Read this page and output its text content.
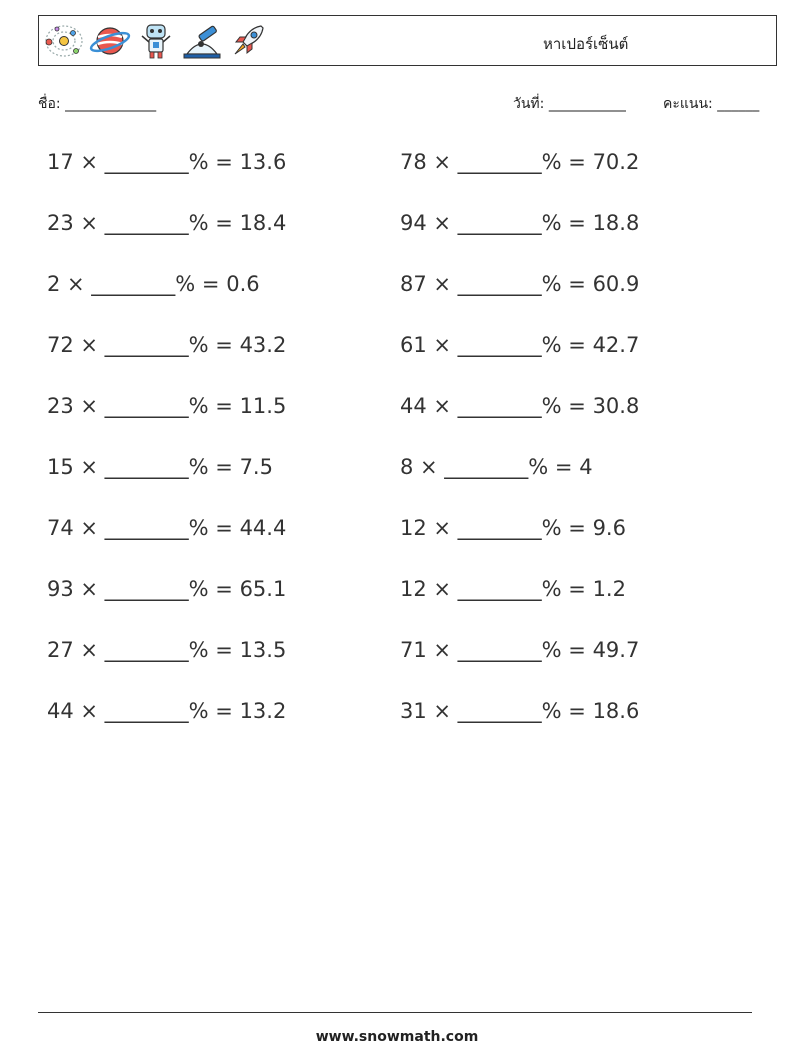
หาเปอร์เซ็นต์
ชื่อ: _____________	วันที่: ___________	คะแนน: ______
17 × ________% = 13.6
23 × ________% = 18.4
2 × ________% = 0.6
72 × ________% = 43.2
23 × ________% = 11.5
15 × ________% = 7.5
74 × ________% = 44.4
93 × ________% = 65.1
27 × ________% = 13.5
44 × ________% = 13.2
78 × ________% = 70.2
94 × ________% = 18.8
87 × ________% = 60.9
61 × ________% = 42.7
44 × ________% = 30.8
8 × ________% = 4
12 × ________% = 9.6
12 × ________% = 1.2
71 × ________% = 49.7
31 × ________% = 18.6
www.snowmath.com
